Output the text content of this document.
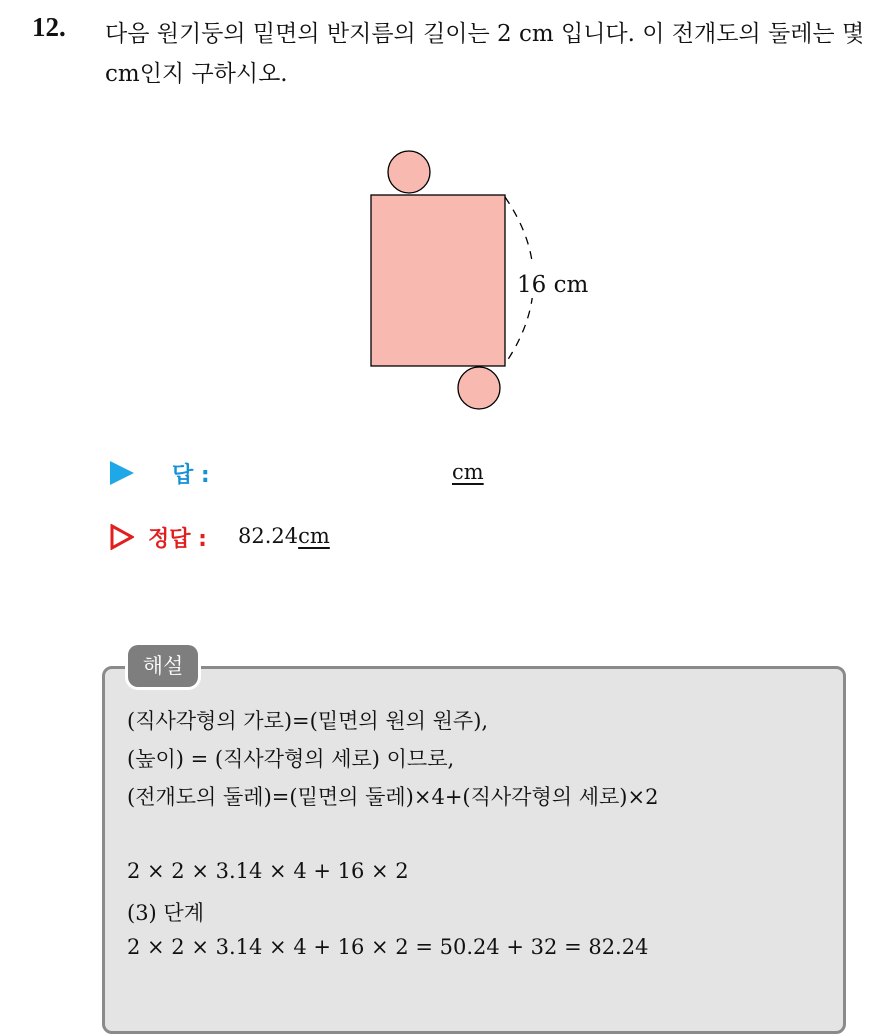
12. 다음 원기둥의 밑면의 반지름의 길이는 2 cm 입니다. 이 전개도의 둘레는 몇 cm인지 구하시오.
16 cm
답 :	cm
정답 : 82.24cm
(직사각형의 가로)=(밑면의 원의 원주),
(높이) = (직사각형의 세로) 이므로,
(전개도의 둘레)=(밑면의 둘레)×4+(직사각형의 세로)×2
2 × 2 × 3.14 × 4 + 16 × 2
(3) 단계
2 × 2 × 3.14 × 4 + 16 × 2 = 50.24 + 32 = 82.24
해설
